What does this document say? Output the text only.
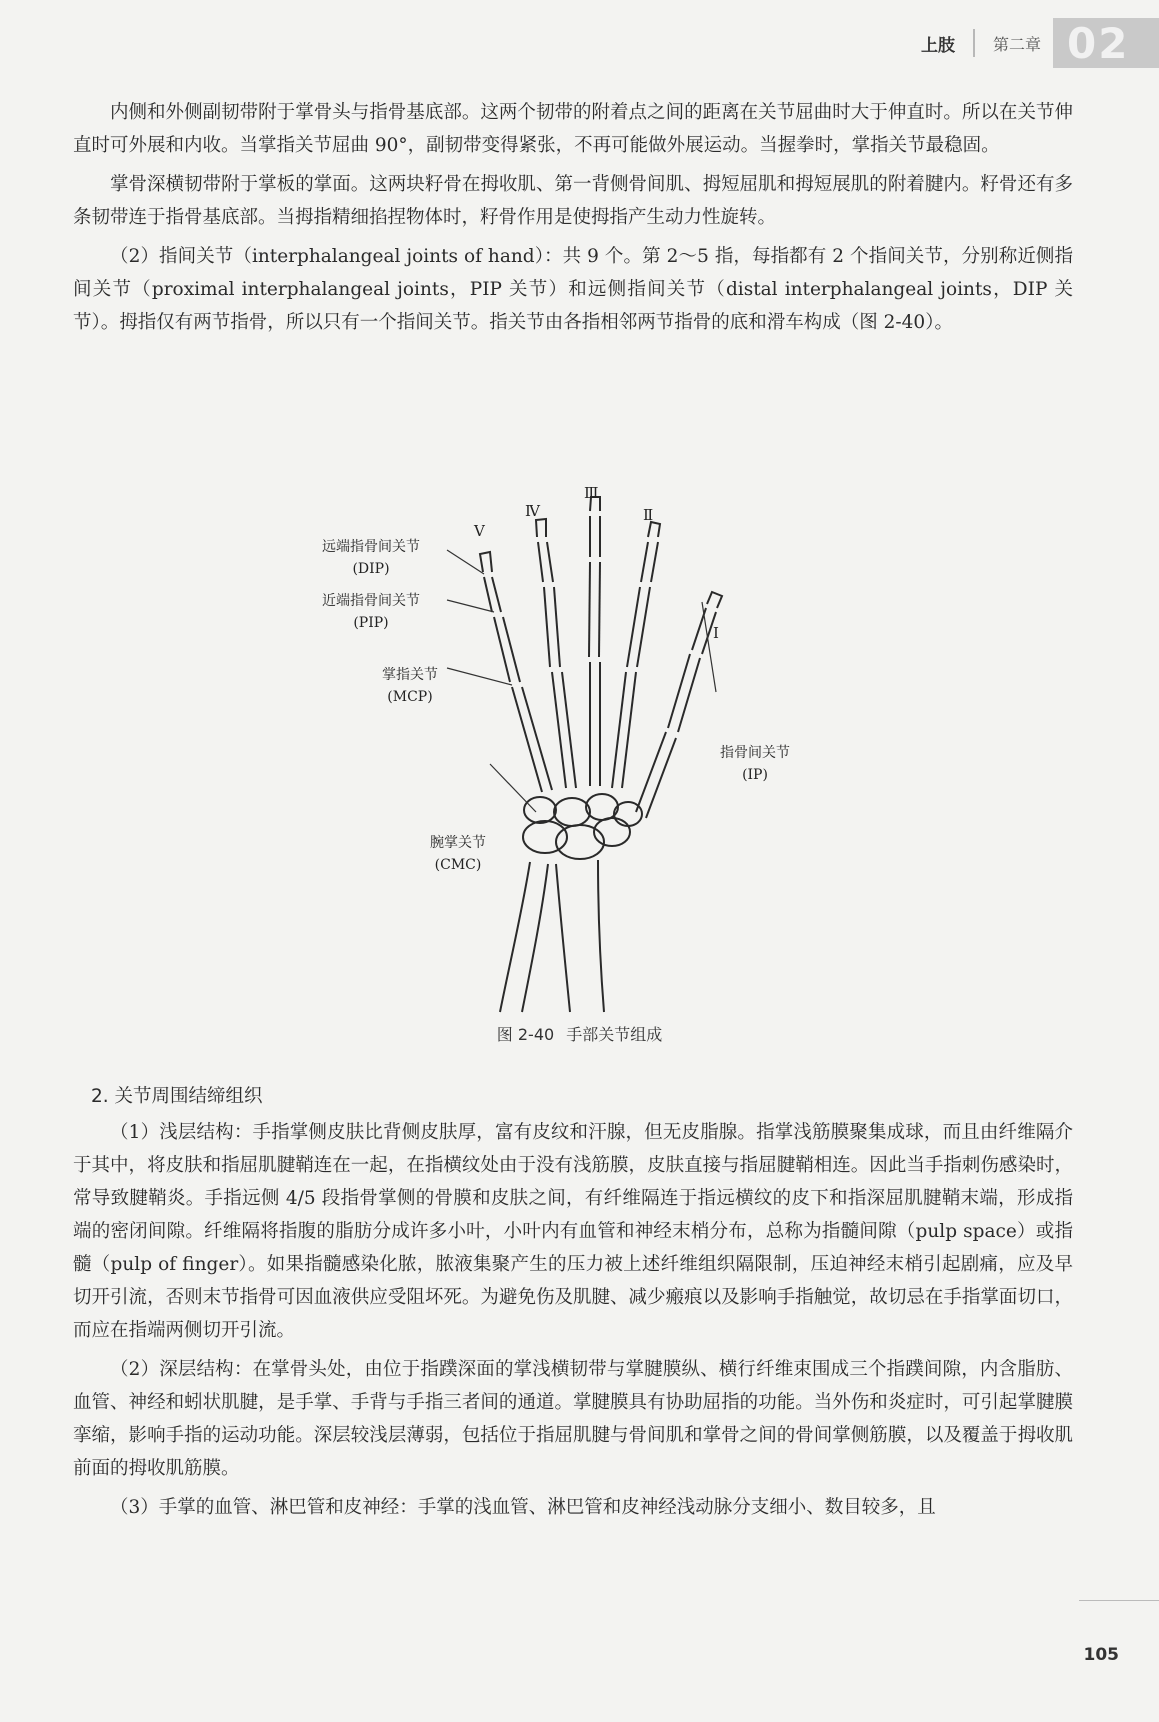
上肢 第二章 02

内侧和外侧副韧带附于掌骨头与指骨基底部。这两个韧带的附着点之间的距离在关节屈曲时大于伸直时。所以在关节伸直时可外展和内收。当掌指关节屈曲 90°，副韧带变得紧张，不再可能做外展运动。当握拳时，掌指关节最稳固。

掌骨深横韧带附于掌板的掌面。这两块籽骨在拇收肌、第一背侧骨间肌、拇短屈肌和拇短展肌的附着腱内。籽骨还有多条韧带连于指骨基底部。当拇指精细掐捏物体时，籽骨作用是使拇指产生动力性旋转。

（2）指间关节（interphalangeal joints of hand）：共 9 个。第 2～5 指，每指都有 2 个指间关节，分别称近侧指间关节（proximal interphalangeal joints，PIP 关节）和远侧指间关节（distal interphalangeal joints，DIP 关节）。拇指仅有两节指骨，所以只有一个指间关节。指关节由各指相邻两节指骨的底和滑车构成（图 2-40）。

Ⅲ
Ⅳ	Ⅱ
Ⅴ
Ⅰ
远端指骨间关节
(DIP)
近端指骨间关节
(PIP)
掌指关节
(MCP)
腕掌关节
(CMC)
指骨间关节
(IP)
图 2-40 手部关节组成
2. 关节周围结缔组织

（1）浅层结构：手指掌侧皮肤比背侧皮肤厚，富有皮纹和汗腺，但无皮脂腺。指掌浅筋膜聚集成球，而且由纤维隔介于其中，将皮肤和指屈肌腱鞘连在一起，在指横纹处由于没有浅筋膜，皮肤直接与指屈腱鞘相连。因此当手指刺伤感染时，常导致腱鞘炎。手指远侧 4/5 段指骨掌侧的骨膜和皮肤之间，有纤维隔连于指远横纹的皮下和指深屈肌腱鞘末端，形成指端的密闭间隙。纤维隔将指腹的脂肪分成许多小叶，小叶内有血管和神经末梢分布，总称为指髓间隙（pulp space）或指髓（pulp of finger）。如果指髓感染化脓，脓液集聚产生的压力被上述纤维组织隔限制，压迫神经末梢引起剧痛，应及早切开引流，否则末节指骨可因血液供应受阻坏死。为避免伤及肌腱、减少瘢痕以及影响手指触觉，故切忌在手指掌面切口，而应在指端两侧切开引流。

（2）深层结构：在掌骨头处，由位于指蹼深面的掌浅横韧带与掌腱膜纵、横行纤维束围成三个指蹼间隙，内含脂肪、血管、神经和蚓状肌腱，是手掌、手背与手指三者间的通道。掌腱膜具有协助屈指的功能。当外伤和炎症时，可引起掌腱膜挛缩，影响手指的运动功能。深层较浅层薄弱，包括位于指屈肌腱与骨间肌和掌骨之间的骨间掌侧筋膜，以及覆盖于拇收肌前面的拇收肌筋膜。

（3）手掌的血管、淋巴管和皮神经：手掌的浅血管、淋巴管和皮神经浅动脉分支细小、数目较多，且

105
